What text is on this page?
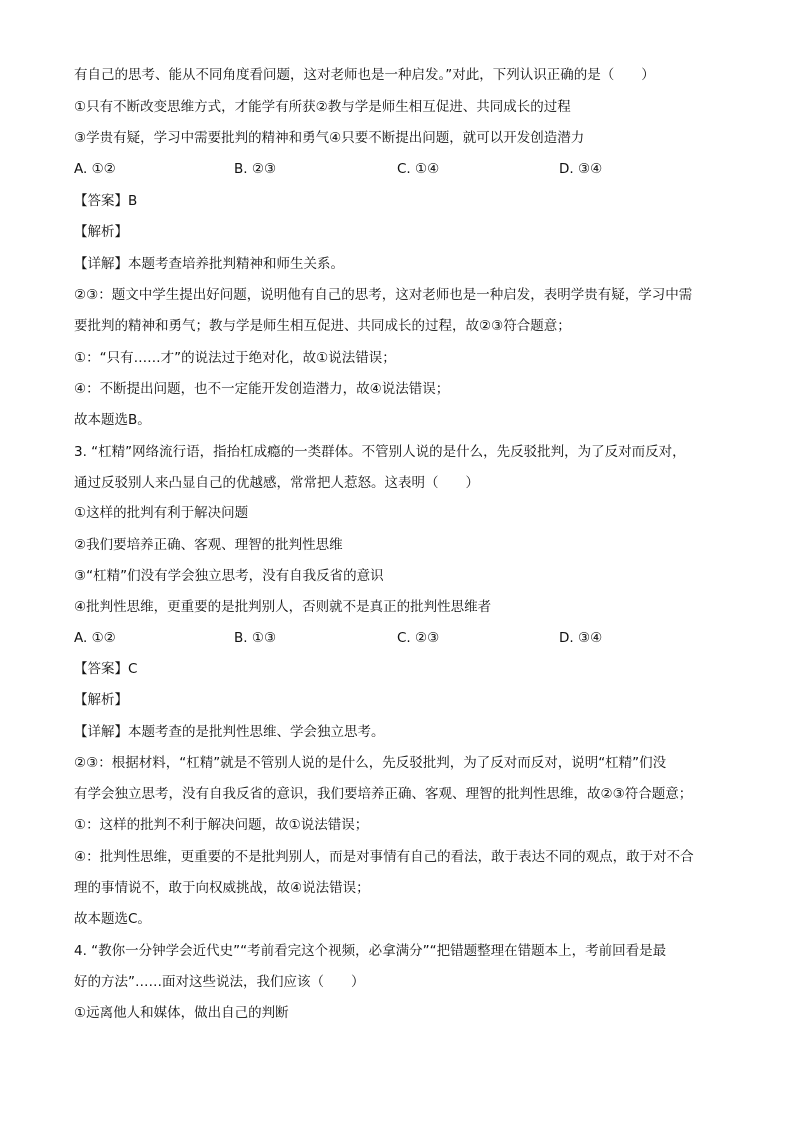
有自己的思考、能从不同角度看问题，这对老师也是一种启发。”对此，下列认识正确的是（　　）
①只有不断改变思维方式，才能学有所获②教与学是师生相互促进、共同成长的过程
③学贵有疑，学习中需要批判的精神和勇气④只要不断提出问题，就可以开发创造潜力
A. ①②	B. ②③	C. ①④	D. ③④
【答案】B
【解析】
【详解】本题考查培养批判精神和师生关系。
②③：题文中学生提出好问题，说明他有自己的思考，这对老师也是一种启发，表明学贵有疑，学习中需
要批判的精神和勇气；教与学是师生相互促进、共同成长的过程，故②③符合题意；
①：“只有……才”的说法过于绝对化，故①说法错误；
④：不断提出问题，也不一定能开发创造潜力，故④说法错误；
故本题选B。
3. “杠精”网络流行语，指抬杠成瘾的一类群体。不管别人说的是什么，先反驳批判，为了反对而反对，
通过反驳别人来凸显自己的优越感，常常把人惹怒。这表明（　　）
①这样的批判有利于解决问题
②我们要培养正确、客观、理智的批判性思维
③“杠精”们没有学会独立思考，没有自我反省的意识
④批判性思维，更重要的是批判别人，否则就不是真正的批判性思维者
A. ①②	B. ①③	C. ②③	D. ③④
【答案】C
【解析】
【详解】本题考查的是批判性思维、学会独立思考。
②③：根据材料，“杠精”就是不管别人说的是什么，先反驳批判，为了反对而反对，说明“杠精”们没
有学会独立思考，没有自我反省的意识，我们要培养正确、客观、理智的批判性思维，故②③符合题意；
①：这样的批判不利于解决问题，故①说法错误；
④：批判性思维，更重要的不是批判别人，而是对事情有自己的看法，敢于表达不同的观点，敢于对不合
理的事情说不，敢于向权威挑战，故④说法错误；
故本题选C。
4. “教你一分钟学会近代史”“考前看完这个视频，必拿满分”“把错题整理在错题本上，考前回看是最
好的方法”……面对这些说法，我们应该（　　）
①远离他人和媒体，做出自己的判断
